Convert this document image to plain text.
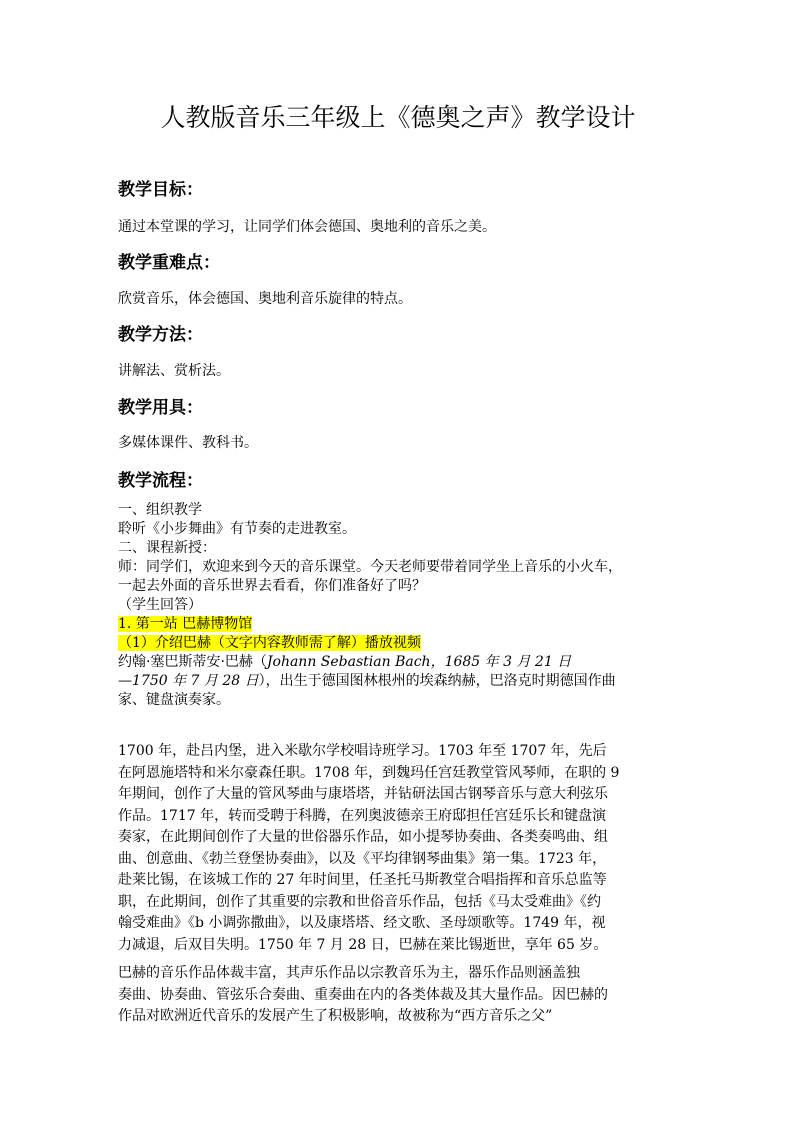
人教版音乐三年级上《德奥之声》教学设计
教学目标：
通过本堂课的学习，让同学们体会德国、奥地利的音乐之美。
教学重难点：
欣赏音乐，体会德国、奥地利音乐旋律的特点。
教学方法：
讲解法、赏析法。
教学用具：
多媒体课件、教科书。
教学流程：
一、组织教学
聆听《小步舞曲》有节奏的走进教室。
二、课程新授：
师：同学们，欢迎来到今天的音乐课堂。今天老师要带着同学坐上音乐的小火车，
一起去外面的音乐世界去看看，你们准备好了吗？
（学生回答）
1. 第一站 巴赫博物馆
（1）介绍巴赫（文字内容教师需了解）播放视频
约翰·塞巴斯蒂安·巴赫（Johann Sebastian Bach，1685 年 3 月 21 日
—1750 年 7 月 28 日），出生于德国图林根州的埃森纳赫，巴洛克时期德国作曲
家、键盘演奏家。
1700 年，赴吕内堡，进入米歇尔学校唱诗班学习。1703 年至 1707 年，先后
在阿恩施塔特和米尔豪森任职。1708 年，到魏玛任宫廷教堂管风琴师，在职的 9
年期间，创作了大量的管风琴曲与康塔塔，并钻研法国古钢琴音乐与意大利弦乐
作品。1717 年，转而受聘于科腾，在列奥波德亲王府邸担任宫廷乐长和键盘演
奏家，在此期间创作了大量的世俗器乐作品，如小提琴协奏曲、各类奏鸣曲、组
曲、创意曲、《勃兰登堡协奏曲》，以及《平均律钢琴曲集》第一集。1723 年，
赴莱比锡，在该城工作的 27 年时间里，任圣托马斯教堂合唱指挥和音乐总监等
职，在此期间，创作了其重要的宗教和世俗音乐作品，包括《马太受难曲》《约
翰受难曲》《b 小调弥撒曲》，以及康塔塔、经文歌、圣母颂歌等。1749 年，视
力减退，后双目失明。1750 年 7 月 28 日，巴赫在莱比锡逝世，享年 65 岁。
巴赫的音乐作品体裁丰富，其声乐作品以宗教音乐为主，器乐作品则涵盖独
奏曲、协奏曲、管弦乐合奏曲、重奏曲在内的各类体裁及其大量作品。因巴赫的
作品对欧洲近代音乐的发展产生了积极影响，故被称为“西方音乐之父”
